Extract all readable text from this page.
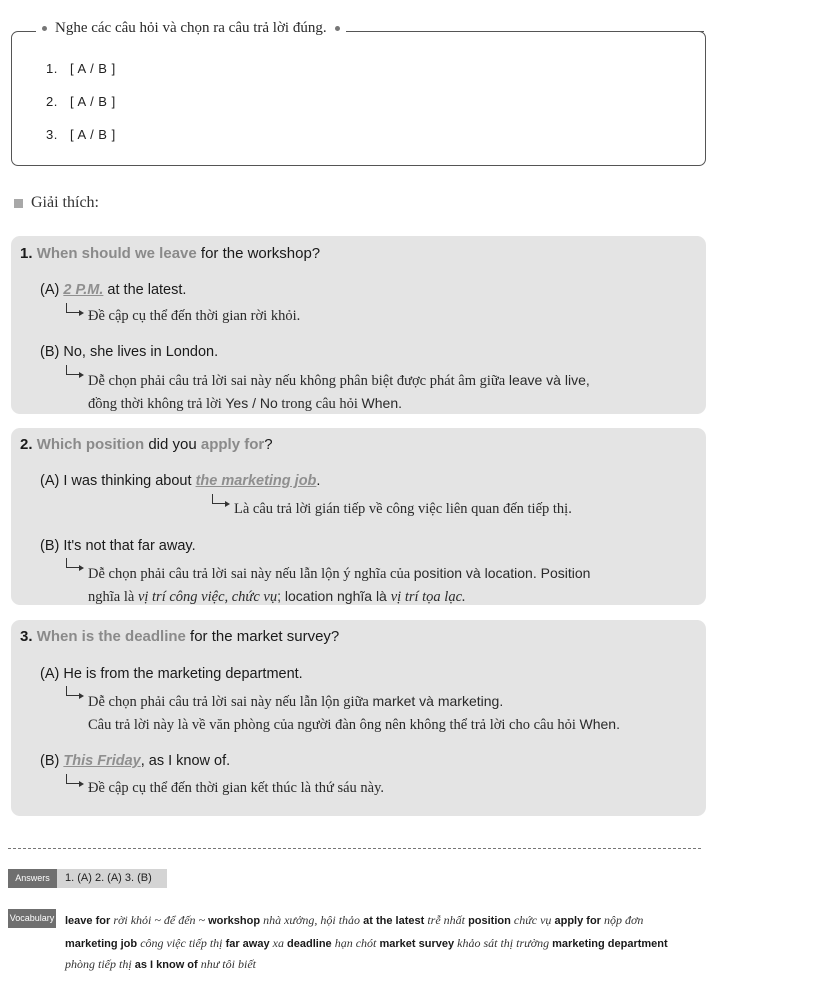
Nghe các câu hỏi và chọn ra câu trả lời đúng.
1. [ A / B ]
2. [ A / B ]
3. [ A / B ]
Giải thích:
1. When should we leave for the workshop?
(A) 2 P.M. at the latest.
Đề cập cụ thể đến thời gian rời khỏi.
(B) No, she lives in London.
Dễ chọn phải câu trả lời sai này nếu không phân biệt được phát âm giữa leave và live,
đồng thời không trả lời Yes / No trong câu hỏi When.
2. Which position did you apply for?
(A) I was thinking about the marketing job.
Là câu trả lời gián tiếp về công việc liên quan đến tiếp thị.
(B) It's not that far away.
Dễ chọn phải câu trả lời sai này nếu lẫn lộn ý nghĩa của position và location. Position
nghĩa là vị trí công việc, chức vụ; location nghĩa là vị trí tọa lạc.
3. When is the deadline for the market survey?
(A) He is from the marketing department.
Dễ chọn phải câu trả lời sai này nếu lẫn lộn giữa market và marketing.
Câu trả lời này là về văn phòng của người đàn ông nên không thể trả lời cho câu hỏi When.
(B) This Friday, as I know of.
Đề cập cụ thể đến thời gian kết thúc là thứ sáu này.
Answers	1. (A) 2. (A) 3. (B)
Vocabulary leave for rời khỏi ~ để đến ~ workshop nhà xưởng, hội thảo at the latest trễ nhất position chức vụ apply for nộp đơn
marketing job công việc tiếp thị far away xa deadline hạn chót market survey khảo sát thị trường marketing department
phòng tiếp thị as I know of như tôi biết
